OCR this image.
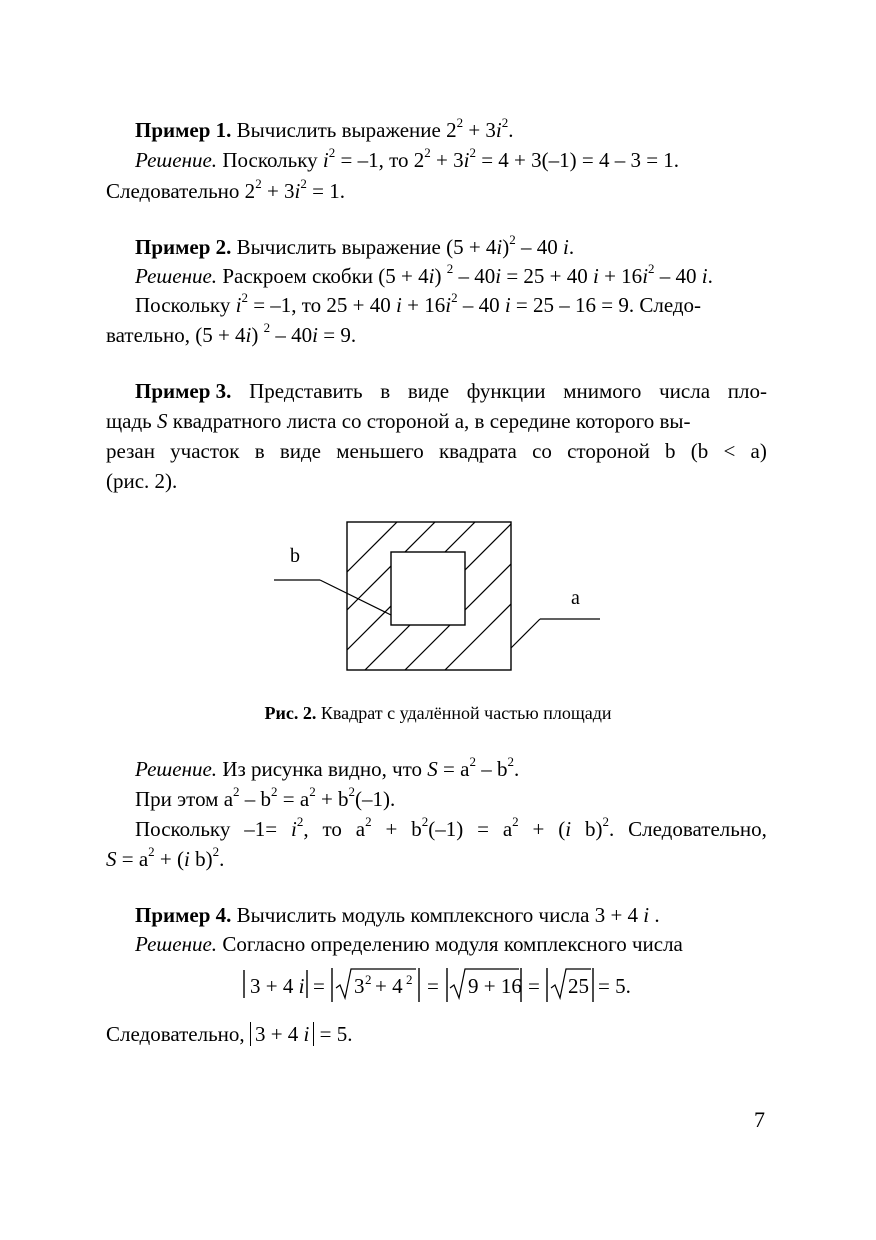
Пример 1. Вычислить выражение $2^2 + 3i^2$.
Решение. Поскольку $i^2 = -1$, то $2^2 + 3i^2 = 4 + 3(-1) = 4 - 3 = 1$.
Следовательно $2^2 + 3i^2 = 1$.
Пример 2. Вычислить выражение $(5 + 4i)^2 - 40$ i.
Решение. Раскроем скобки (5 + 4i) $^2$ – 40i = 25 + 40 $i + 16i^2 - 40$ i.
Поскольку $i^2 = -1$, то 25 + 40 $i + 16i^2 - 40$ i = 25 – 16 = 9. Следо-
вательно, (5 + 4i) $^2$ – 40i = 9.
Пример 3. Представить в виде функции мнимого числа пло-
щадь S квадратного листа со стороной а, в середине которого вы-
резан участок в виде меньшего квадрата со стороной b (b < a)
(рис. 2).
b
a
Рис. 2. Квадрат с удалённой частью площади
Решение. Из рисунка видно, что $S = a^2 - b^2$.
При этом $a^2 - b^2 = a^2 + b^2(-1)$.
Поскольку $-1= i^2$, то $a^2 + b^2(-1) = a^2 + (i$ b)$^2$. Следовательно,
$S = a^2 + (i$ b)$^2$.
Пример 4. Вычислить модуль комплексного числа 3 + 4 i .
Решение. Согласно определению модуля комплексного числа
3 + 4 i = 3 2 + 4 2 = 9 + 16 = 25 = 5.
Следовательно, 3 + 4 i = 5.
7
